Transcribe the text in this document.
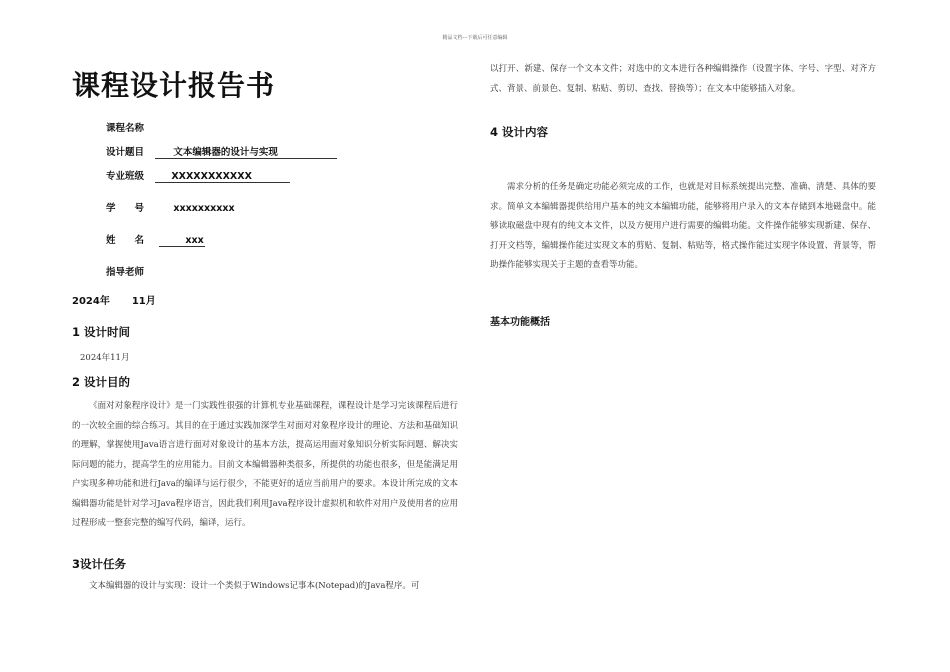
精品文档---下载后可任意编辑
课程设计报告书
课程名称
设计题目	文本编辑器的设计与实现
专业班级	XXXXXXXXXXX
学　　号	xxxxxxxxxx
姓　　名	xxx
指导老师
2024年 11月
1 设计时间
2024年11月
2 设计目的

《面对对象程序设计》是一门实践性很强的计算机专业基础课程，课程设计是学习完该课程后进行的一次较全面的综合练习。其目的在于通过实践加深学生对面对对象程序设计的理论、方法和基础知识的理解，掌握使用Java语言进行面对对象设计的基本方法，提高运用面对象知识分析实际问题、解决实际问题的能力，提高学生的应用能力。目前文本编辑器种类很多，所提供的功能也很多，但是能满足用户实现多种功能和进行Java的编译与运行很少，不能更好的适应当前用户的要求。本设计所完成的文本编辑器功能是针对学习Java程序语言，因此我们利用Java程序设计虚拟机和软件对用户及使用者的应用过程形成一整套完整的编写代码，编译，运行。

3设计任务

文本编辑器的设计与实现：设计一个类似于Windows记事本(Notepad)的Java程序。可

以打开、新建、保存一个文本文件；对选中的文本进行各种编辑操作（设置字体、字号、字型、对齐方式、背景、前景色、复制、粘贴、剪切、查找、替换等）；在文本中能够插入对象。

4 设计内容

需求分析的任务是确定功能必须完成的工作，也就是对目标系统提出完整、准确、清楚、具体的要求。简单文本编辑器提供给用户基本的纯文本编辑功能，能够将用户录入的文本存储到本地磁盘中。能够读取磁盘中现有的纯文本文件，以及方便用户进行需要的编辑功能。文件操作能够实现新建、保存、打开文档等，编辑操作能过实现文本的剪贴、复制、粘贴等，格式操作能过实现字体设置、背景等，帮助操作能够实现关于主题的查看等功能。

基本功能概括
